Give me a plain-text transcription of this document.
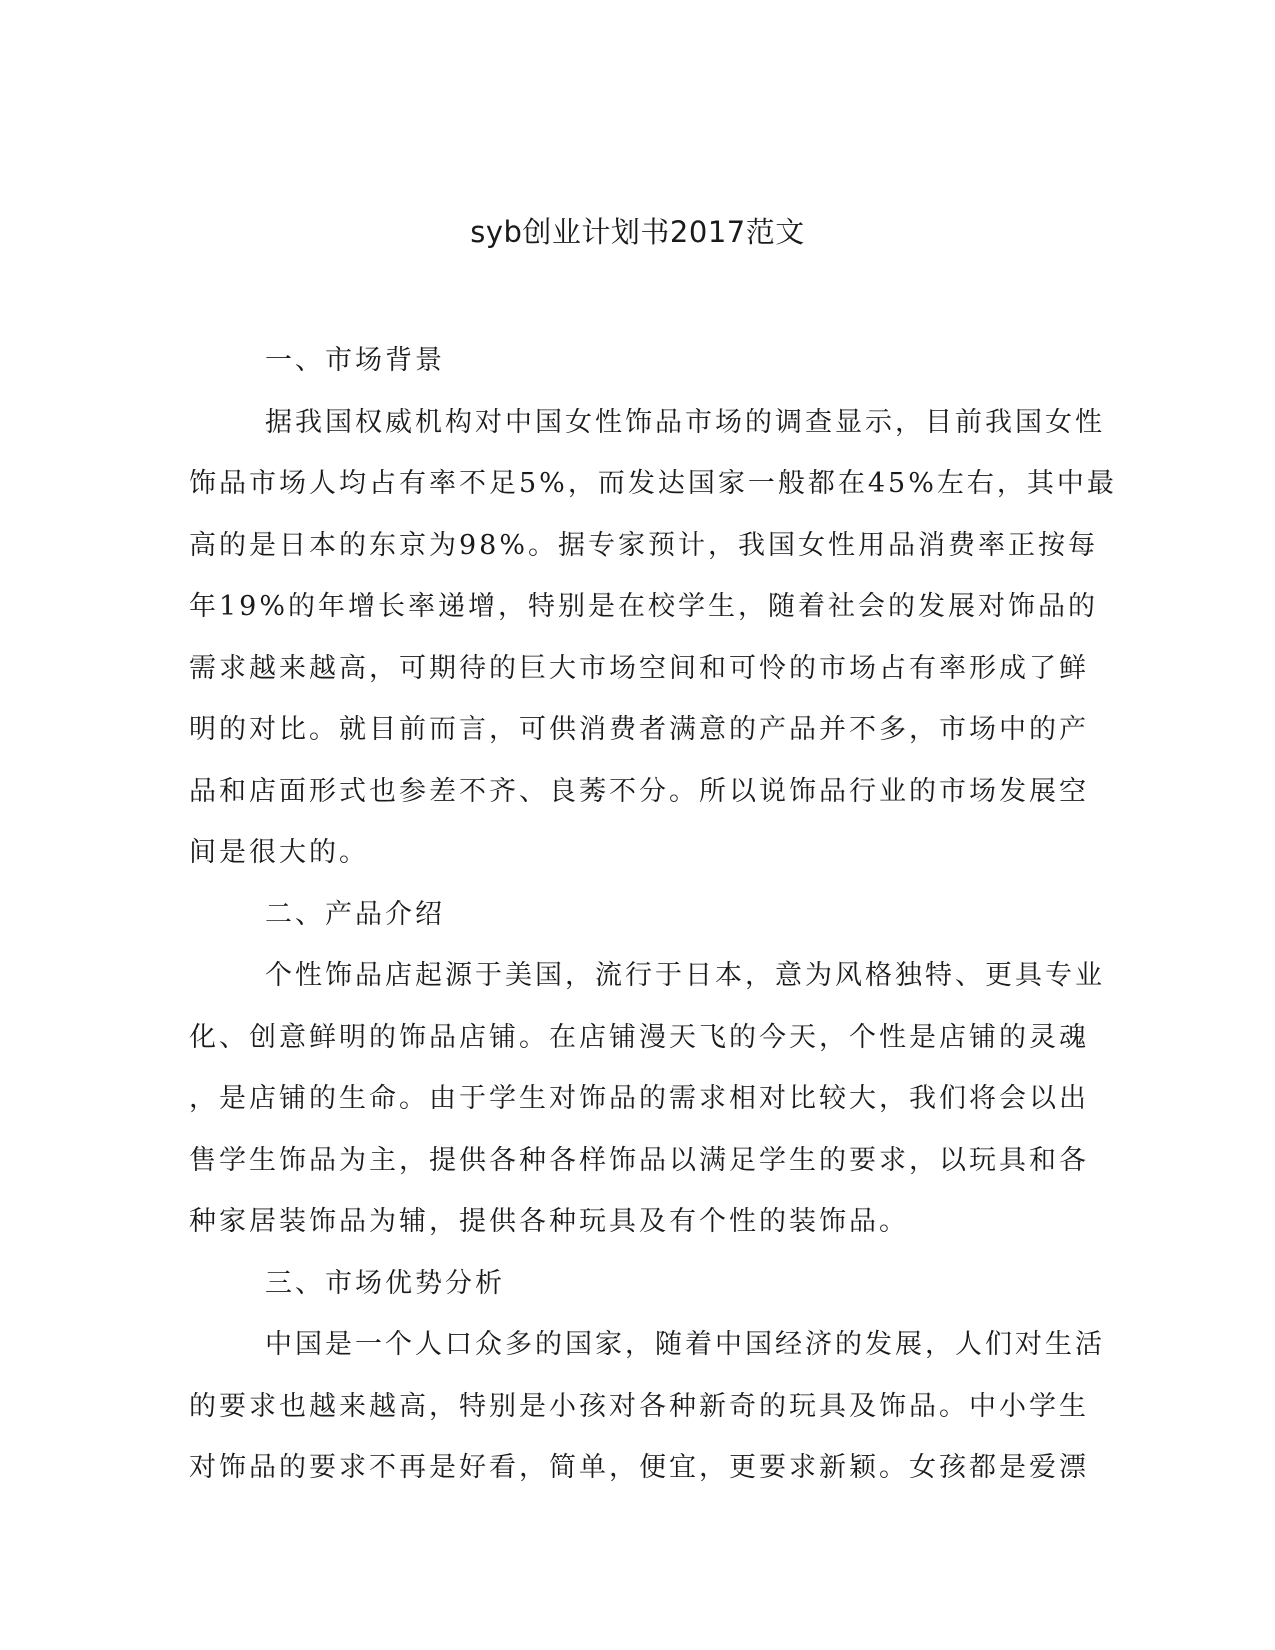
syb创业计划书2017范文
一、市场背景
据我国权威机构对中国女性饰品市场的调查显示，目前我国女性
饰品市场人均占有率不足5%，而发达国家一般都在45%左右，其中最
高的是日本的东京为98%。据专家预计，我国女性用品消费率正按每
年19%的年增长率递增，特别是在校学生，随着社会的发展对饰品的
需求越来越高，可期待的巨大市场空间和可怜的市场占有率形成了鲜
明的对比。就目前而言，可供消费者满意的产品并不多，市场中的产
品和店面形式也参差不齐、良莠不分。所以说饰品行业的市场发展空
间是很大的。
二、产品介绍
个性饰品店起源于美国，流行于日本，意为风格独特、更具专业
化、创意鲜明的饰品店铺。在店铺漫天飞的今天，个性是店铺的灵魂
，是店铺的生命。由于学生对饰品的需求相对比较大，我们将会以出
售学生饰品为主，提供各种各样饰品以满足学生的要求，以玩具和各
种家居装饰品为辅，提供各种玩具及有个性的装饰品。
三、市场优势分析
中国是一个人口众多的国家，随着中国经济的发展，人们对生活
的要求也越来越高，特别是小孩对各种新奇的玩具及饰品。中小学生
对饰品的要求不再是好看，简单，便宜，更要求新颖。女孩都是爱漂
